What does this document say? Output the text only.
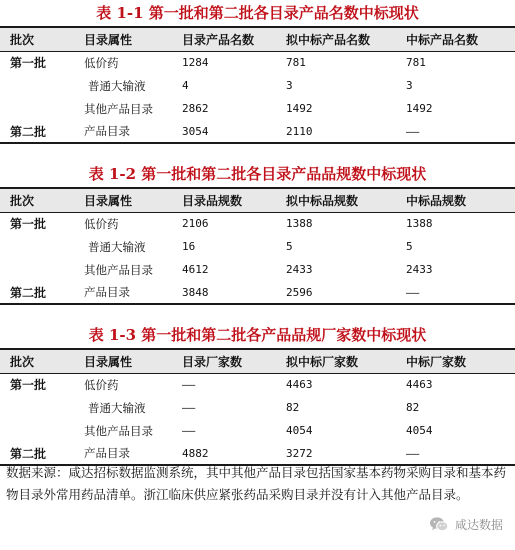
表 1-1 第一批和第二批各目录产品名数中标现状
批次	目录属性	目录产品名数	拟中标产品名数	中标产品名数
第一批	低价药	1284	781	781
	普通大输液	4	3	3
	其他产品目录	2862	1492	1492
第二批	产品目录	3054	2110	——
表 1-2 第一批和第二批各目录产品品规数中标现状
批次	目录属性	目录品规数	拟中标品规数	中标品规数
第一批	低价药	2106	1388	1388
	普通大输液	16	5	5
	其他产品目录	4612	2433	2433
第二批	产品目录	3848	2596	——
表 1-3 第一批和第二批各产品品规厂家数中标现状
批次	目录属性	目录厂家数	拟中标厂家数	中标厂家数
第一批	低价药	——	4463	4463
	普通大输液	——	82	82
	其他产品目录	——	4054	4054
第二批	产品目录	4882	3272	——
数据来源：咸达招标数据监测系统，其中其他产品目录包括国家基本药物采购目录和基本药物目录外常用药品清单。浙江临床供应紧张药品采购目录并没有计入其他产品目录。
咸达数据
